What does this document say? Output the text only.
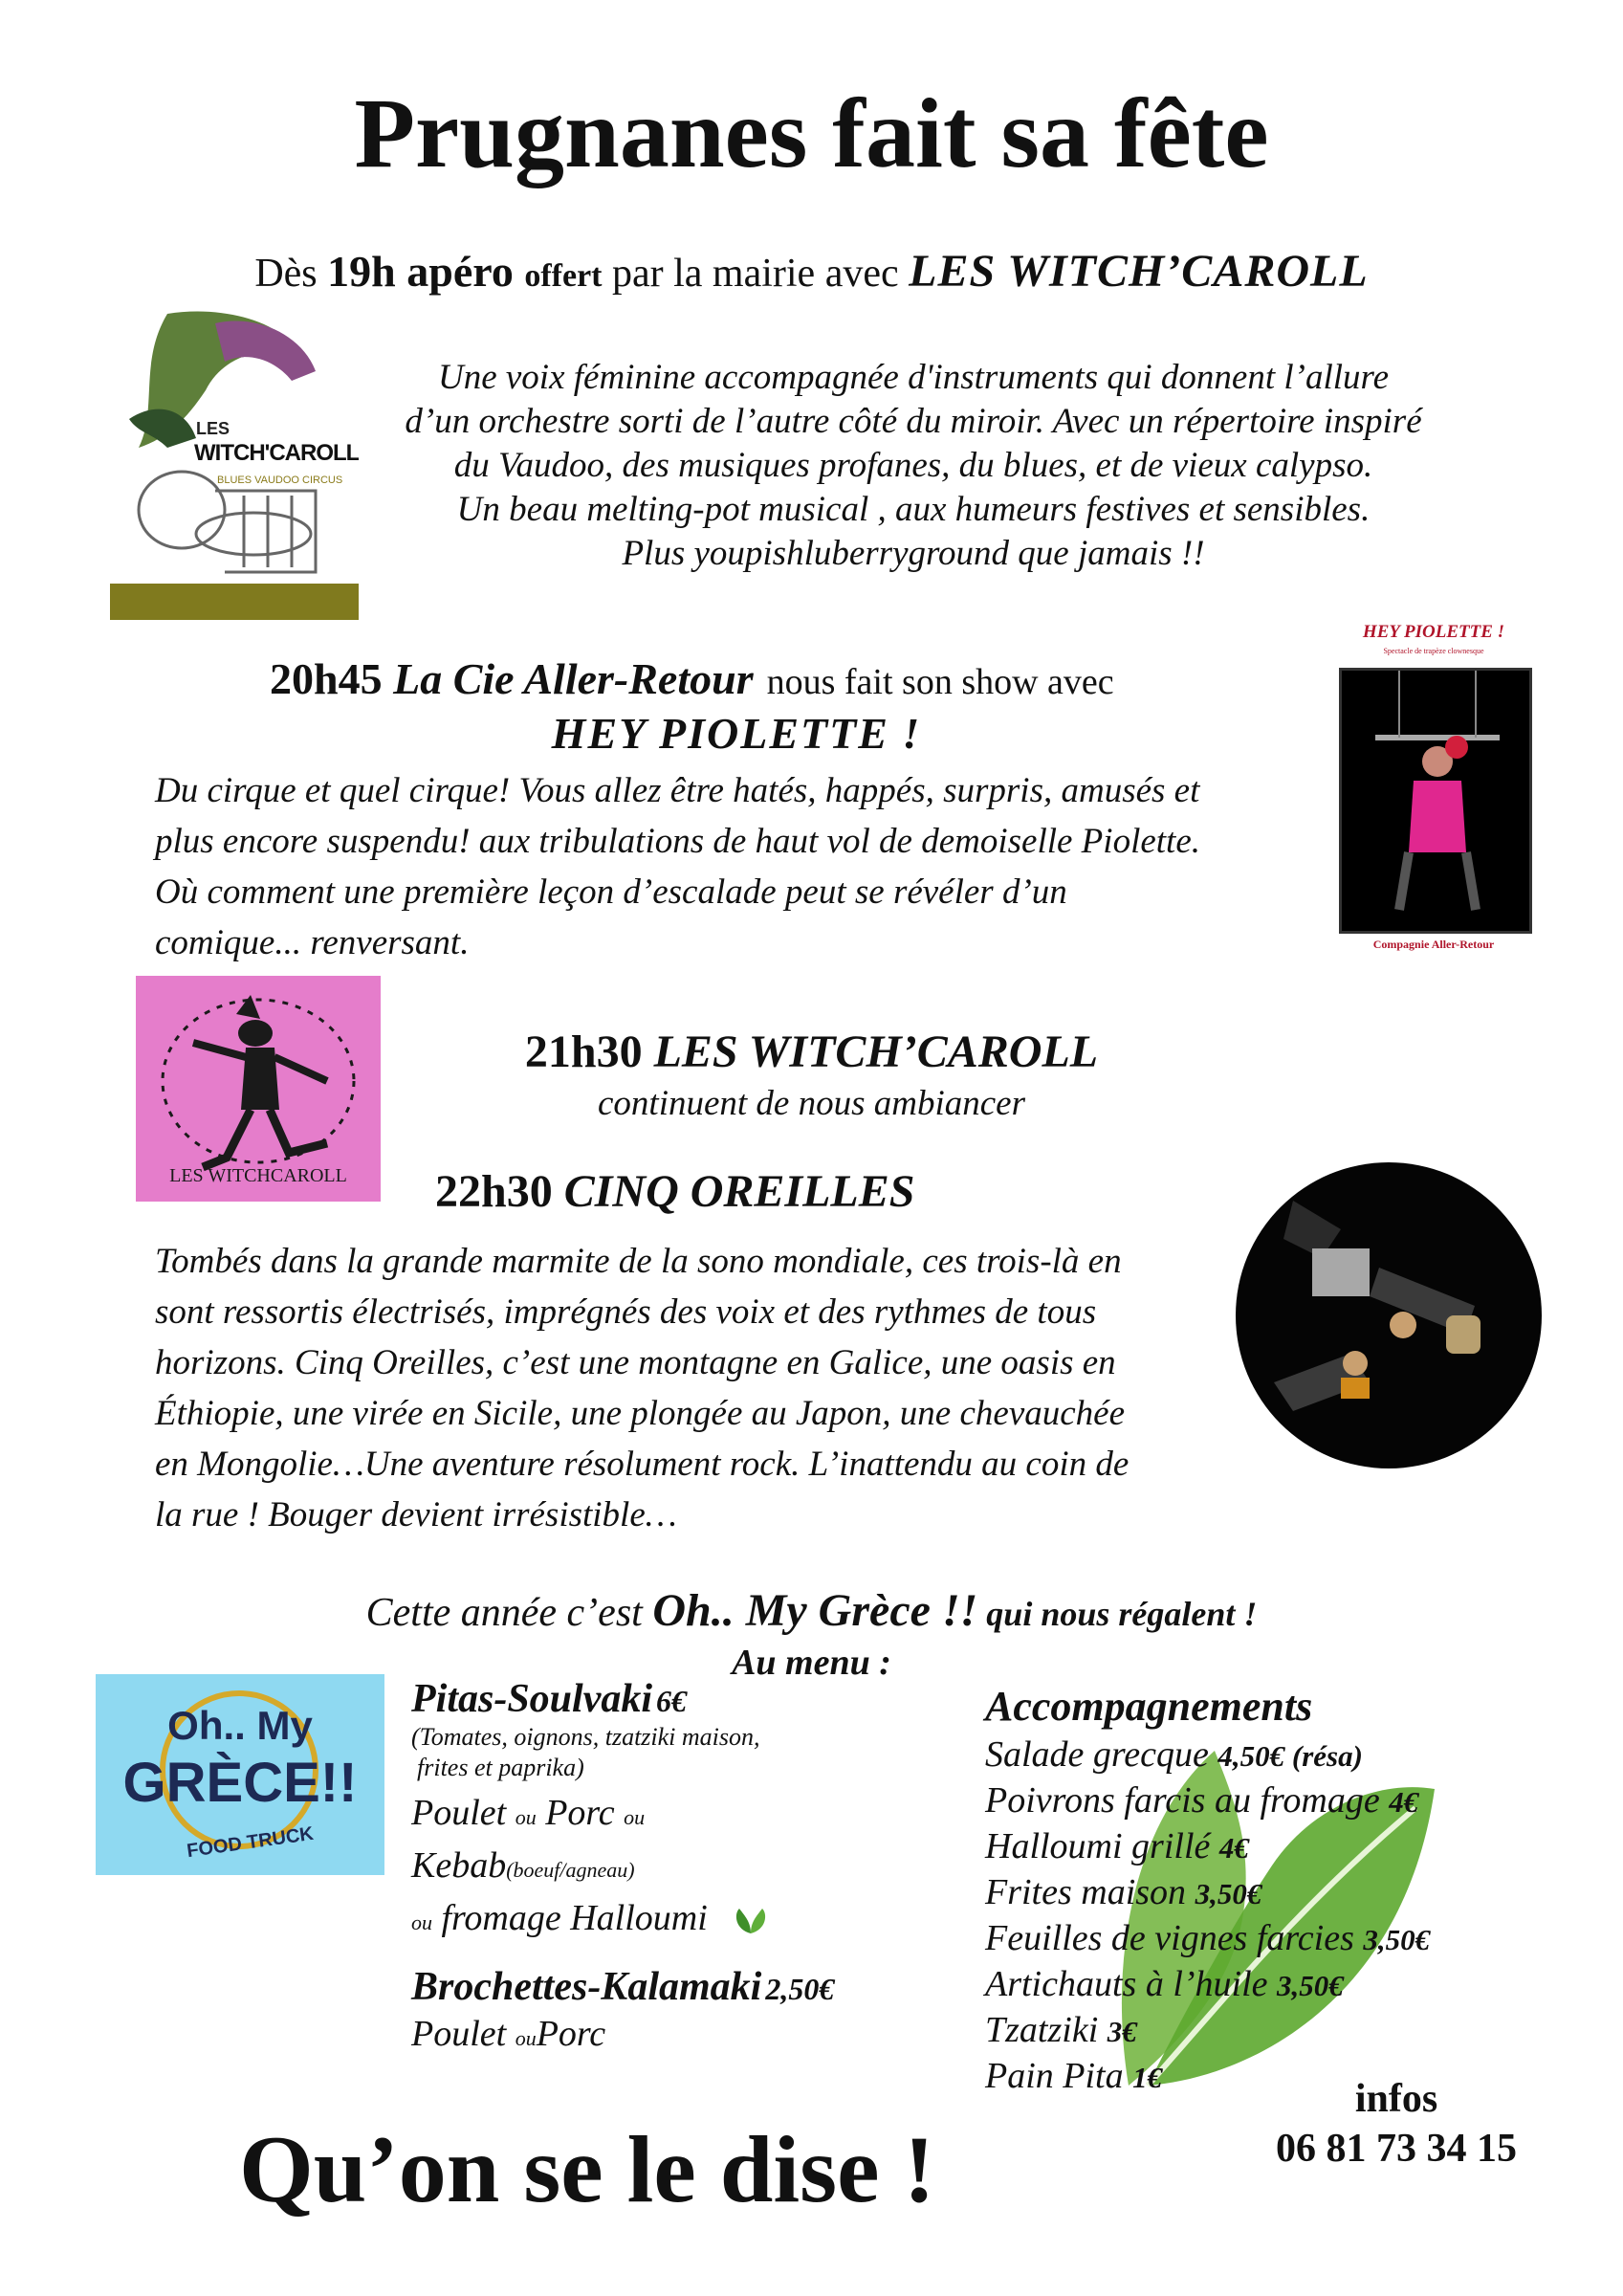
Prugnanes fait sa fête
Dès 19h apéro offert par la mairie avec LES WITCH’CAROLL
LES
WITCH'CAROLL
BLUES VAUDOO CIRCUS
Une voix féminine accompagnée d'instruments qui donnent l’allure
d’un orchestre sorti de l’autre côté du miroir. Avec un répertoire inspiré
du Vaudoo, des musiques profanes, du blues, et de vieux calypso.
Un beau melting-pot musical , aux humeurs festives et sensibles.
Plus youpishluberryground que jamais !!
HEY PIOLETTE !
Spectacle de trapèze clownesque
Compagnie Aller-Retour
20h45 La Cie Aller-Retour nous fait son show avec
HEY PIOLETTE !
Du cirque et quel cirque! Vous allez être hatés, happés, surpris, amusés et
plus encore suspendu! aux tribulations de haut vol de demoiselle Piolette.
Où comment une première leçon d’escalade peut se révéler d’un
comique... renversant.
LES WITCHCAROLL
21h30 LES WITCH’CAROLL
continuent de nous ambiancer
22h30 CINQ OREILLES
Tombés dans la grande marmite de la sono mondiale, ces trois-là en
sont ressortis électrisés, imprégnés des voix et des rythmes de tous
horizons. Cinq Oreilles, c’est une montagne en Galice, une oasis en
Éthiopie, une virée en Sicile, une plongée au Japon, une chevauchée
en Mongolie…Une aventure résolument rock. L’inattendu au coin de
la rue ! Bouger devient irrésistible…
Cette année c’est Oh.. My Grèce !! qui nous régalent !
Au menu :
Oh.. My
GRÈCE!!
FOOD TRUCK
Pitas-Soulvaki 6€
(Tomates, oignons, tzatziki maison,
frites et paprika)
Poulet ou Porc ou
Kebab(boeuf/agneau)
ou fromage Halloumi
Brochettes-Kalamaki 2,50€
Poulet ouPorc
Accompagnements
Salade grecque 4,50€ (résa)
Poivrons farcis au fromage 4€
Halloumi grillé 4€
Frites maison 3,50€
Feuilles de vignes farcies 3,50€
Artichauts à l’huile 3,50€
Tzatziki 3€
Pain Pita 1€	infos
06 81 73 34 15
Qu’on se le dise !
